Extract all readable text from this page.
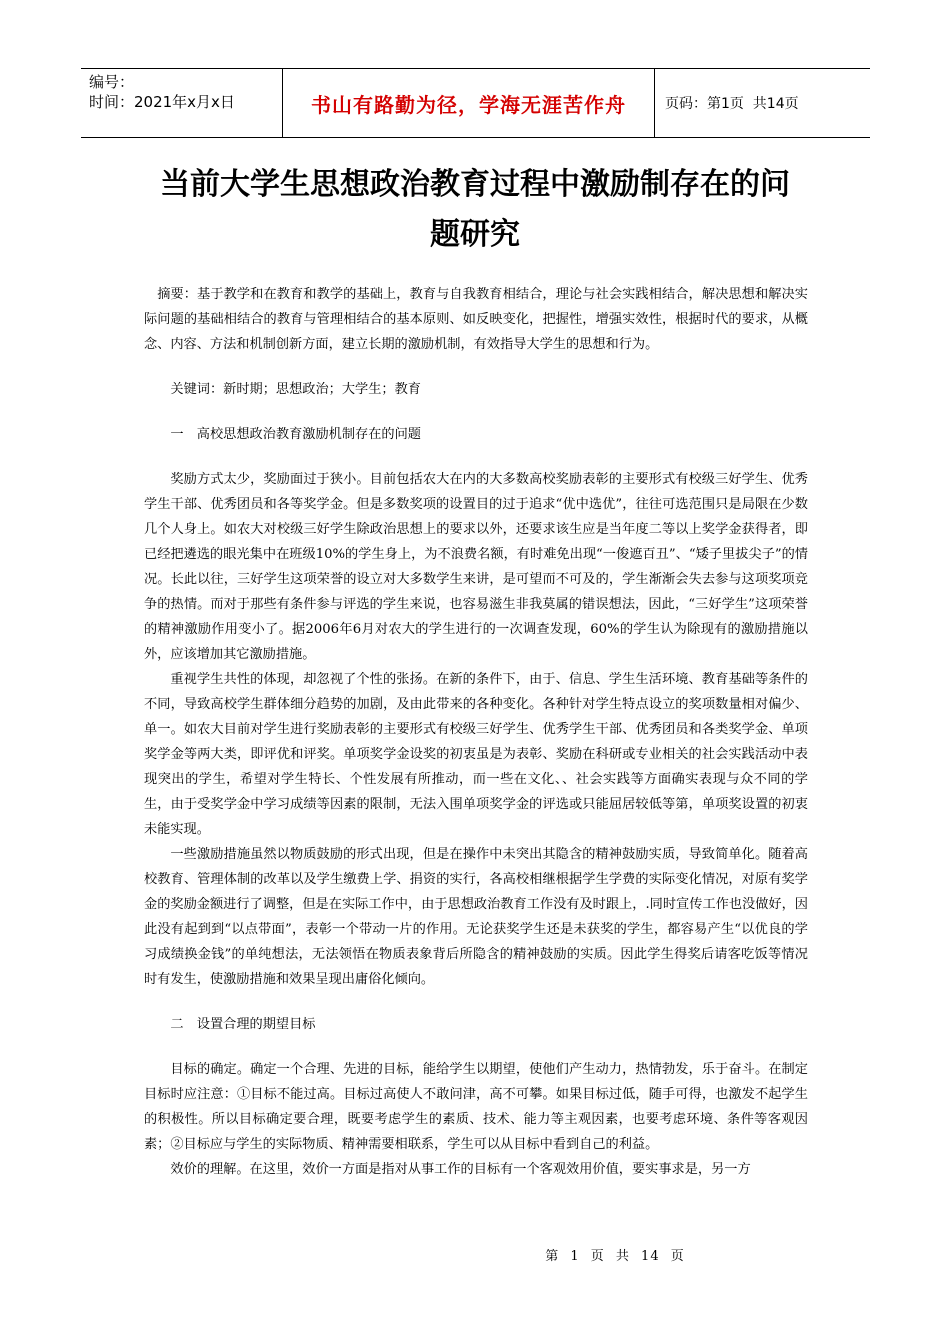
编号：
时间：2021年x月x日	书山有路勤为径，学海无涯苦作舟	页码：第1页  共14页
当前大学生思想政治教育过程中激励制存在的问
题研究

摘要：基于教学和在教育和教学的基础上，教育与自我教育相结合，理论与社会实践相结合，解决思想和解决实际问题的基础相结合的教育与管理相结合的基本原则、如反映变化，把握性，增强实效性，根据时代的要求，从概念、内容、方法和机制创新方面，建立长期的激励机制，有效指导大学生的思想和行为。

关键词：新时期；思想政治；大学生；教育

一　高校思想政治教育激励机制存在的问题

奖励方式太少，奖励面过于狭小。目前包括农大在内的大多数高校奖励表彰的主要形式有校级三好学生、优秀学生干部、优秀团员和各等奖学金。但是多数奖项的设置目的过于追求“优中选优”，往往可选范围只是局限在少数几个人身上。如农大对校级三好学生除政治思想上的要求以外，还要求该生应是当年度二等以上奖学金获得者，即已经把遴选的眼光集中在班级10%的学生身上，为不浪费名额，有时难免出现“一俊遮百丑”、“矮子里拔尖子”的情况。长此以往，三好学生这项荣誉的设立对大多数学生来讲，是可望而不可及的，学生渐渐会失去参与这项奖项竞争的热情。而对于那些有条件参与评选的学生来说，也容易滋生非我莫属的错误想法，因此，“三好学生”这项荣誉的精神激励作用变小了。据2006年6月对农大的学生进行的一次调查发现，60%的学生认为除现有的激励措施以外，应该增加其它激励措施。

重视学生共性的体现，却忽视了个性的张扬。在新的条件下，由于、信息、学生生活环境、教育基础等条件的不同，导致高校学生群体细分趋势的加剧，及由此带来的各种变化。各种针对学生特点设立的奖项数量相对偏少、单一。如农大目前对学生进行奖励表彰的主要形式有校级三好学生、优秀学生干部、优秀团员和各类奖学金、单项奖学金等两大类，即评优和评奖。单项奖学金设奖的初衷虽是为表彰、奖励在科研或专业相关的社会实践活动中表现突出的学生，希望对学生特长、个性发展有所推动，而一些在文化、、社会实践等方面确实表现与众不同的学生，由于受奖学金中学习成绩等因素的限制，无法入围单项奖学金的评选或只能屈居较低等第，单项奖设置的初衷未能实现。

一些激励措施虽然以物质鼓励的形式出现，但是在操作中未突出其隐含的精神鼓励实质，导致简单化。随着高校教育、管理体制的改革以及学生缴费上学、捐资的实行，各高校相继根据学生学费的实际变化情况，对原有奖学金的奖励金额进行了调整，但是在实际工作中，由于思想政治教育工作没有及时跟上，.同时宣传工作也没做好，因此没有起到到“以点带面”，表彰一个带动一片的作用。无论获奖学生还是未获奖的学生，都容易产生“以优良的学习成绩换金钱”的单纯想法，无法领悟在物质表象背后所隐含的精神鼓励的实质。因此学生得奖后请客吃饭等情况时有发生，使激励措施和效果呈现出庸俗化倾向。

二　设置合理的期望目标

目标的确定。确定一个合理、先进的目标，能给学生以期望，使他们产生动力，热情勃发，乐于奋斗。在制定目标时应注意：①目标不能过高。目标过高使人不敢问津，高不可攀。如果目标过低，随手可得，也激发不起学生的积极性。所以目标确定要合理，既要考虑学生的素质、技术、能力等主观因素，也要考虑环境、条件等客观因素；②目标应与学生的实际物质、精神需要相联系，学生可以从目标中看到自己的利益。

效价的理解。在这里，效价一方面是指对从事工作的目标有一个客观效用价值，要实事求是，另一方

第 1 页 共 14 页
